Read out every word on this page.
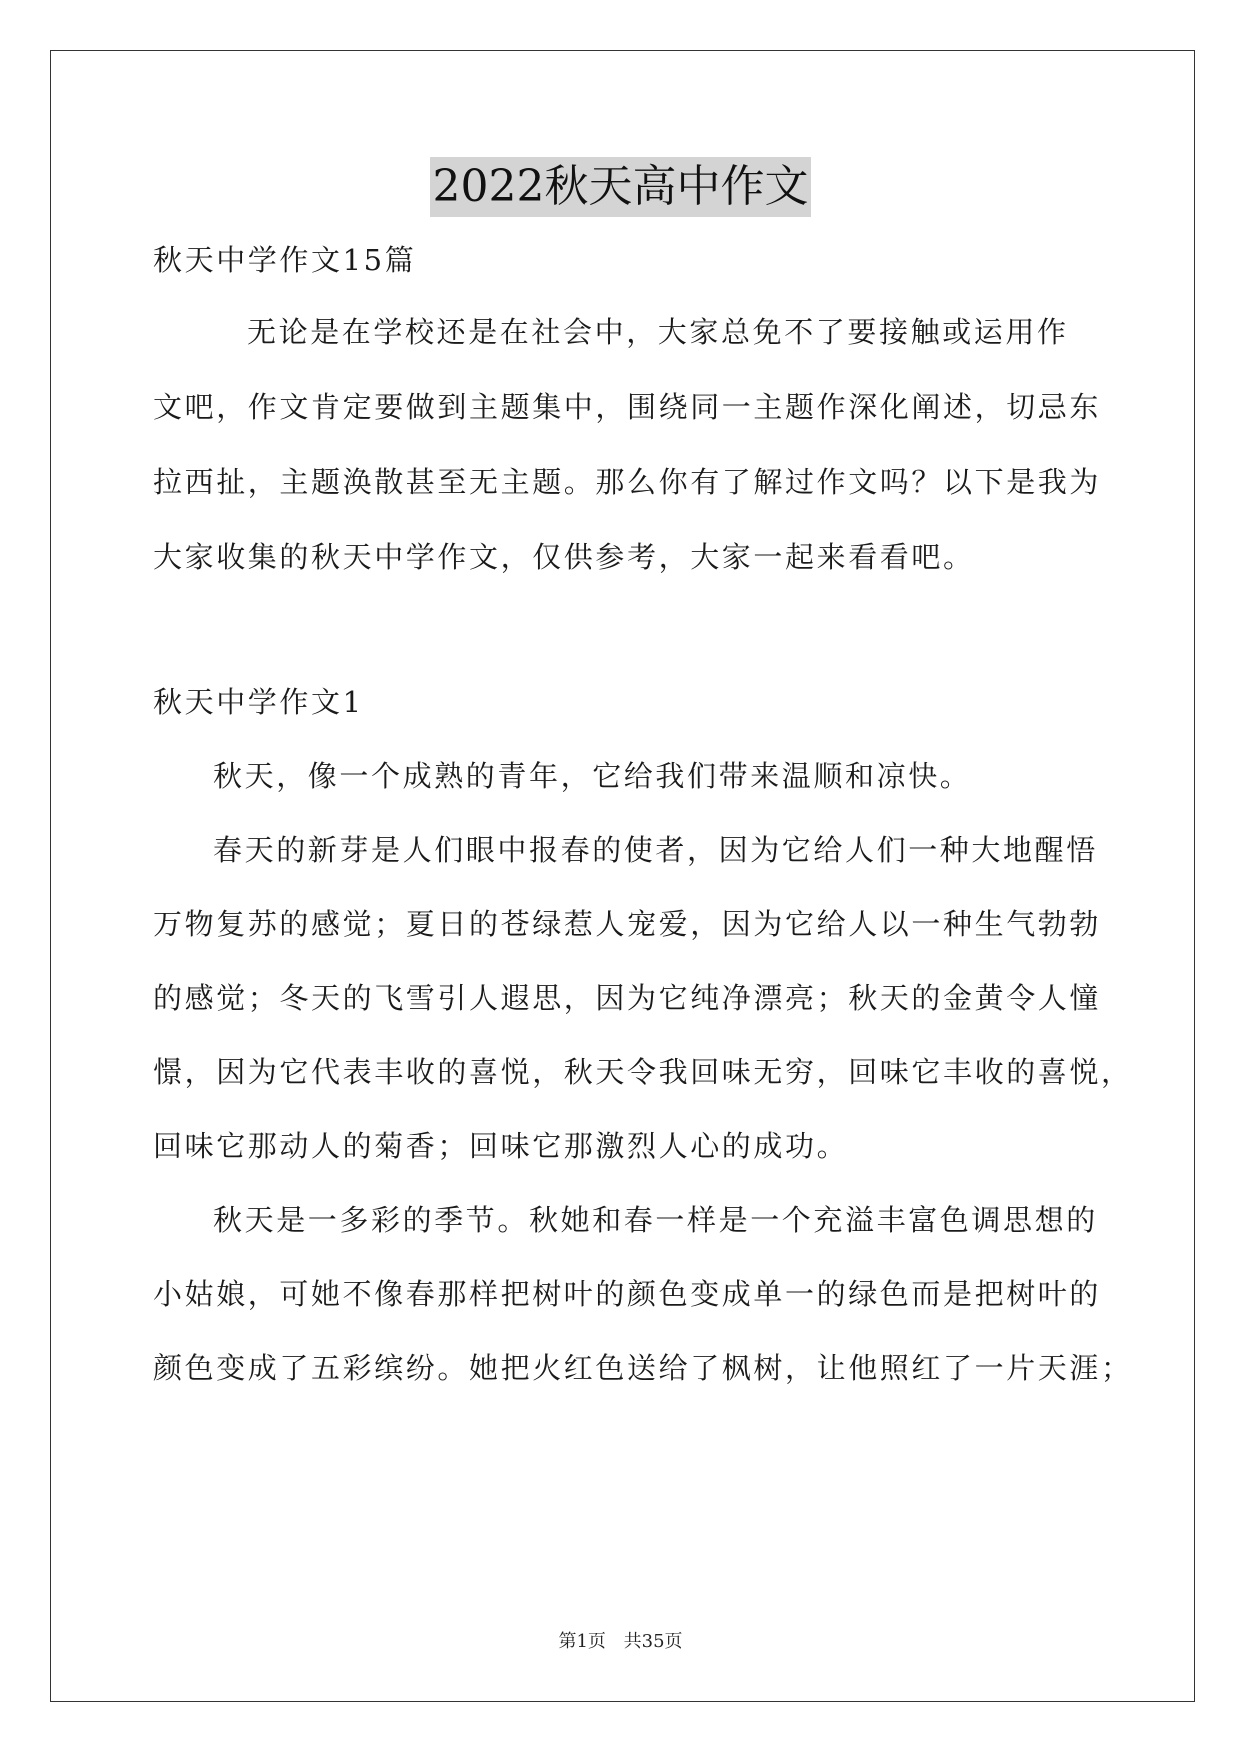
2022秋天高中作文
秋天中学作文15篇
无论是在学校还是在社会中，大家总免不了要接触或运用作
文吧，作文肯定要做到主题集中，围绕同一主题作深化阐述，切忌东
拉西扯，主题涣散甚至无主题。那么你有了解过作文吗？以下是我为
大家收集的秋天中学作文，仅供参考，大家一起来看看吧。
秋天中学作文1
秋天，像一个成熟的青年，它给我们带来温顺和凉快。
春天的新芽是人们眼中报春的使者，因为它给人们一种大地醒悟
万物复苏的感觉；夏日的苍绿惹人宠爱，因为它给人以一种生气勃勃
的感觉；冬天的飞雪引人遐思，因为它纯净漂亮；秋天的金黄令人憧
憬，因为它代表丰收的喜悦，秋天令我回味无穷，回味它丰收的喜悦，
回味它那动人的菊香；回味它那激烈人心的成功。
秋天是一多彩的季节。秋她和春一样是一个充溢丰富色调思想的
小姑娘，可她不像春那样把树叶的颜色变成单一的绿色而是把树叶的
颜色变成了五彩缤纷。她把火红色送给了枫树，让他照红了一片天涯；
第1页 共35页
